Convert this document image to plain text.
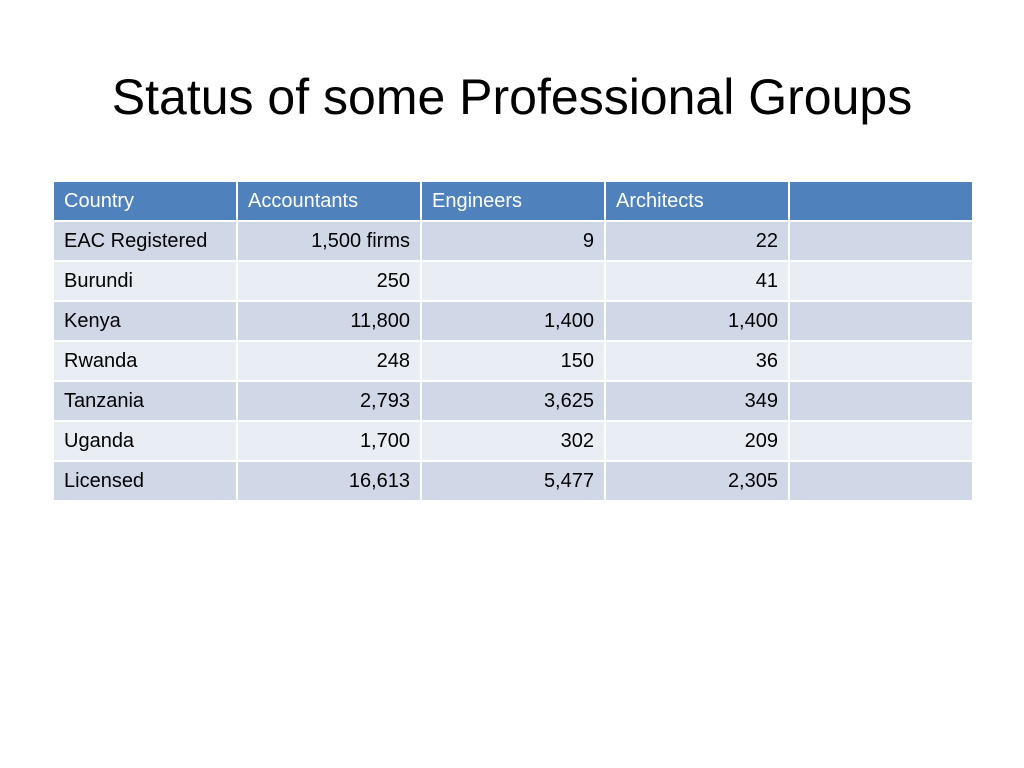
Status of some Professional Groups
Country	Accountants	Engineers	Architects	
EAC Registered	1,500 firms	9	22	
Burundi	250		41	
Kenya	11,800	1,400	1,400	
Rwanda	248	150	36	
Tanzania	2,793	3,625	349	
Uganda	1,700	302	209	
Licensed	16,613	5,477	2,305	
